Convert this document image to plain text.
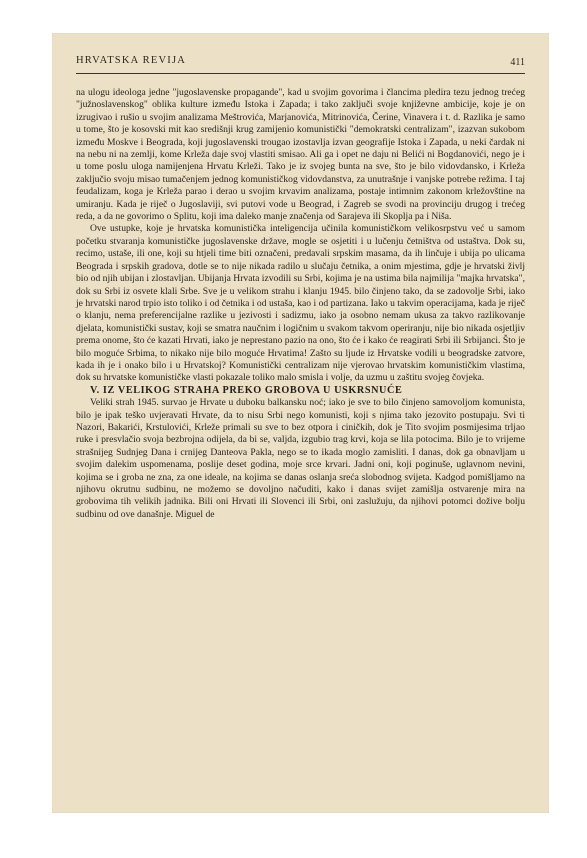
HRVATSKA REVIJA	411

na ulogu ideologa jedne "jugoslavenske propagande", kad u svojim govorima i člancima pledira tezu jednog trećeg "južnoslavenskog" oblika kulture između Istoka i Zapada; i tako zaključi svoje književne ambicije, koje je on izrugivao i rušio u svojim analizama Meštrovića, Marjanovića, Mitrinovića, Čerine, Vinavera i t. d. Razlika je samo u tome, što je kosovski mit kao središnji krug zamijenio komunistički "demokratski centralizam", izazvan sukobom između Moskve i Beograda, koji jugoslavenski trougao izostavlja izvan geografije Istoka i Zapada, u neki čardak ni na nebu ni na zemlji, kome Krleža daje svoj vlastiti smisao. Ali ga i opet ne daju ni Belići ni Bogdanovići, nego je i u tome poslu uloga namijenjena Hrvatu Krleži. Tako je iz svojeg bunta na sve, što je bilo vidovdansko, i Krleža zaključio svoju misao tumačenjem jednog komunističkog vidovdanstva, za unutrašnje i vanjske potrebe režima. I taj feudalizam, koga je Krleža parao i derao u svojim krvavim analizama, postaje intimnim zakonom krležovštine na umiranju. Kada je riječ o Jugoslaviji, svi putovi vode u Beograd, i Zagreb se svodi na provinciju drugog i trećeg reda, a da ne govorimo o Splitu, koji ima daleko manje značenja od Sarajeva ili Skoplja pa i Niša.

Ove ustupke, koje je hrvatska komunistička inteligencija učinila komunističkom velikosrpstvu već u samom početku stvaranja komunističke jugoslavenske države, mogle se osjetiti i u lučenju četništva od ustaštva. Dok su, recimo, ustaše, ili one, koji su htjeli time biti označeni, predavali srpskim masama, da ih linčuje i ubija po ulicama Beograda i srpskih gradova, dotle se to nije nikada radilo u slučaju četnika, a onim mjestima, gdje je hrvatski življ bio od njih ubijan i zlostavljan. Ubijanja Hrvata izvodili su Srbi, kojima je na ustima bila najmilija "majka hrvatska", dok su Srbi iz osvete klali Srbe. Sve je u velikom strahu i klanju 1945. bilo činjeno tako, da se zadovolje Srbi, iako je hrvatski narod trpio isto toliko i od četnika i od ustaša, kao i od partizana. Iako u takvim operacijama, kada je riječ o klanju, nema preferencijalne razlike u jezivosti i sadizmu, iako ja osobno nemam ukusa za takvo razlikovanje djelata, komunistički sustav, koji se smatra naučnim i logičnim u svakom takvom operiranju, nije bio nikada osjetljiv prema onome, što će kazati Hrvati, iako je neprestano pazio na ono, što će i kako će reagirati Srbi ili Srbijanci. Što je bilo moguće Srbima, to nikako nije bilo moguće Hrvatima! Zašto su ljude iz Hrvatske vodili u beogradske zatvore, kada ih je i onako bilo i u Hrvatskoj? Komunistički centralizam nije vjerovao hrvatskim komunističkim vlastima, dok su hrvatske komunističke vlasti pokazale toliko malo smisla i volje, da uzmu u zaštitu svojeg čovjeka.

V. IZ VELIKOG STRAHA PREKO GROBOVA U USKRSNUĆE

Veliki strah 1945. survao je Hrvate u duboku balkansku noć; iako je sve to bilo činjeno samovoljom komunista, bilo je ipak teško uvjeravati Hrvate, da to nisu Srbi nego komunisti, koji s njima tako jezovito postupaju. Svi ti Nazori, Bakarići, Krstulovići, Krleže primali su sve to bez otpora i ciničkih, dok je Tito svojim posmijesima trljao ruke i presvlačio svoja bezbrojna odijela, da bi se, valjda, izgubio trag krvi, koja se lila potocima. Bilo je to vrijeme strašnijeg Sudnjeg Dana i crnijeg Danteova Pakla, nego se to ikada moglo zamisliti. I danas, dok ga obnavljam u svojim dalekim uspomenama, poslije deset godina, moje srce krvari. Jadni oni, koji poginuše, uglavnom nevini, kojima se i groba ne zna, za one ideale, na kojima se danas oslanja sreća slobodnog svijeta. Kadgod pomišljamo na njihovu okrutnu sudbinu, ne možemo se dovoljno načuditi, kako i danas svijet zamišlja ostvarenje mira na grobovima tih velikih jadnika. Bili oni Hrvati ili Slovenci ili Srbi, oni zaslužuju, da njihovi potomci dožive bolju sudbinu od ove današnje. Miguel de
